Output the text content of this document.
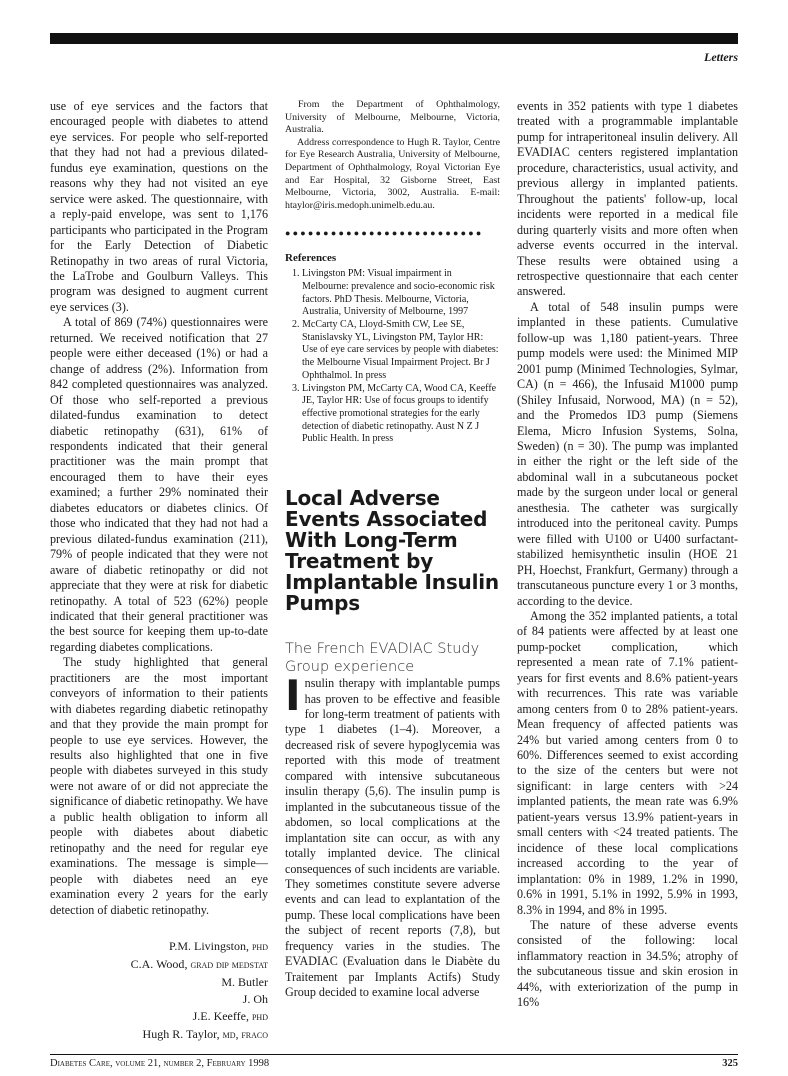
Letters

use of eye services and the factors that encouraged people with diabetes to attend eye services. For people who self-reported that they had not had a previous dilated-fundus eye examination, questions on the reasons why they had not visited an eye service were asked. The questionnaire, with a reply-paid envelope, was sent to 1,176 participants who participated in the Program for the Early Detection of Diabetic Retinopathy in two areas of rural Victoria, the LaTrobe and Goulburn Valleys. This program was designed to augment current eye services (3).

A total of 869 (74%) questionnaires were returned. We received notification that 27 people were either deceased (1%) or had a change of address (2%). Information from 842 completed questionnaires was analyzed. Of those who self-reported a previous dilated-fundus examination to detect diabetic retinopathy (631), 61% of respondents indicated that their general practitioner was the main prompt that encouraged them to have their eyes examined; a further 29% nominated their diabetes educators or diabetes clinics. Of those who indicated that they had not had a previous dilated-fundus examination (211), 79% of people indicated that they were not aware of diabetic retinopathy or did not appreciate that they were at risk for diabetic retinopathy. A total of 523 (62%) people indicated that their general practitioner was the best source for keeping them up-to-date regarding diabetes complications.

The study highlighted that general practitioners are the most important conveyors of information to their patients with diabetes regarding diabetic retinopathy and that they provide the main prompt for people to use eye services. However, the results also highlighted that one in five people with diabetes surveyed in this study were not aware of or did not appreciate the significance of diabetic retinopathy. We have a public health obligation to inform all people with diabetes about diabetic retinopathy and the need for regular eye examinations. The message is simple—people with diabetes need an eye examination every 2 years for the early detection of diabetic retinopathy.

P.M. Livingston, phd
C.A. Wood, grad dip medstat
M. Butler
J. Oh
J.E. Keeffe, phd
Hugh R. Taylor, md, fraco

From the Department of Ophthalmology, University of Melbourne, Melbourne, Victoria, Australia.

Address correspondence to Hugh R. Taylor, Centre for Eye Research Australia, University of Melbourne, Department of Ophthalmology, Royal Victorian Eye and Ear Hospital, 32 Gisborne Street, East Melbourne, Victoria, 3002, Australia. E-mail: htaylor@iris.medoph.unimelb.edu.au.

●●●●●●●●●●●●●●●●●●●●●●●●●●
References
1. Livingston PM: Visual impairment in Melbourne: prevalence and socio-economic risk factors. PhD Thesis. Melbourne, Victoria, Australia, University of Melbourne, 1997
2. McCarty CA, Lloyd-Smith CW, Lee SE, Stanislavsky YL, Livingston PM, Taylor HR: Use of eye care services by people with diabetes: the Melbourne Visual Impairment Project. Br J Ophthalmol. In press
3. Livingston PM, McCarty CA, Wood CA, Keeffe JE, Taylor HR: Use of focus groups to identify effective promotional strategies for the early detection of diabetic retinopathy. Aust N Z J Public Health. In press
Local Adverse Events Associated With Long-Term Treatment by Implantable Insulin Pumps
The French EVADIAC Study Group experience

Insulin therapy with implantable pumps has proven to be effective and feasible for long-term treatment of patients with type 1 diabetes (1–4). Moreover, a decreased risk of severe hypoglycemia was reported with this mode of treatment compared with intensive subcutaneous insulin therapy (5,6). The insulin pump is implanted in the subcutaneous tissue of the abdomen, so local complications at the implantation site can occur, as with any totally implanted device. The clinical consequences of such incidents are variable. They sometimes constitute severe adverse events and can lead to explantation of the pump. These local complications have been the subject of recent reports (7,8), but frequency varies in the studies. The EVADIAC (Evaluation dans le Diabète du Traitement par Implants Actifs) Study Group decided to examine local adverse

events in 352 patients with type 1 diabetes treated with a programmable implantable pump for intraperitoneal insulin delivery. All EVADIAC centers registered implantation procedure, characteristics, usual activity, and previous allergy in implanted patients. Throughout the patients' follow-up, local incidents were reported in a medical file during quarterly visits and more often when adverse events occurred in the interval. These results were obtained using a retrospective questionnaire that each center answered.

A total of 548 insulin pumps were implanted in these patients. Cumulative follow-up was 1,180 patient-years. Three pump models were used: the Minimed MIP 2001 pump (Minimed Technologies, Sylmar, CA) (n = 466), the Infusaid M1000 pump (Shiley Infusaid, Norwood, MA) (n = 52), and the Promedos ID3 pump (Siemens Elema, Micro Infusion Systems, Solna, Sweden) (n = 30). The pump was implanted in either the right or the left side of the abdominal wall in a subcutaneous pocket made by the surgeon under local or general anesthesia. The catheter was surgically introduced into the peritoneal cavity. Pumps were filled with U100 or U400 surfactant-stabilized hemisynthetic insulin (HOE 21 PH, Hoechst, Frankfurt, Germany) through a transcutaneous puncture every 1 or 3 months, according to the device.

Among the 352 implanted patients, a total of 84 patients were affected by at least one pump-pocket complication, which represented a mean rate of 7.1% patient-years for first events and 8.6% patient-years with recurrences. This rate was variable among centers from 0 to 28% patient-years. Mean frequency of affected patients was 24% but varied among centers from 0 to 60%. Differences seemed to exist according to the size of the centers but were not significant: in large centers with >24 implanted patients, the mean rate was 6.9% patient-years versus 13.9% patient-years in small centers with <24 treated patients. The incidence of these local complications increased according to the year of implantation: 0% in 1989, 1.2% in 1990, 0.6% in 1991, 5.1% in 1992, 5.9% in 1993, 8.3% in 1994, and 8% in 1995.

The nature of these adverse events consisted of the following: local inflammatory reaction in 34.5%; atrophy of the subcutaneous tissue and skin erosion in 44%, with exteriorization of the pump in 16%

Diabetes Care, volume 21, number 2, February 1998	325
